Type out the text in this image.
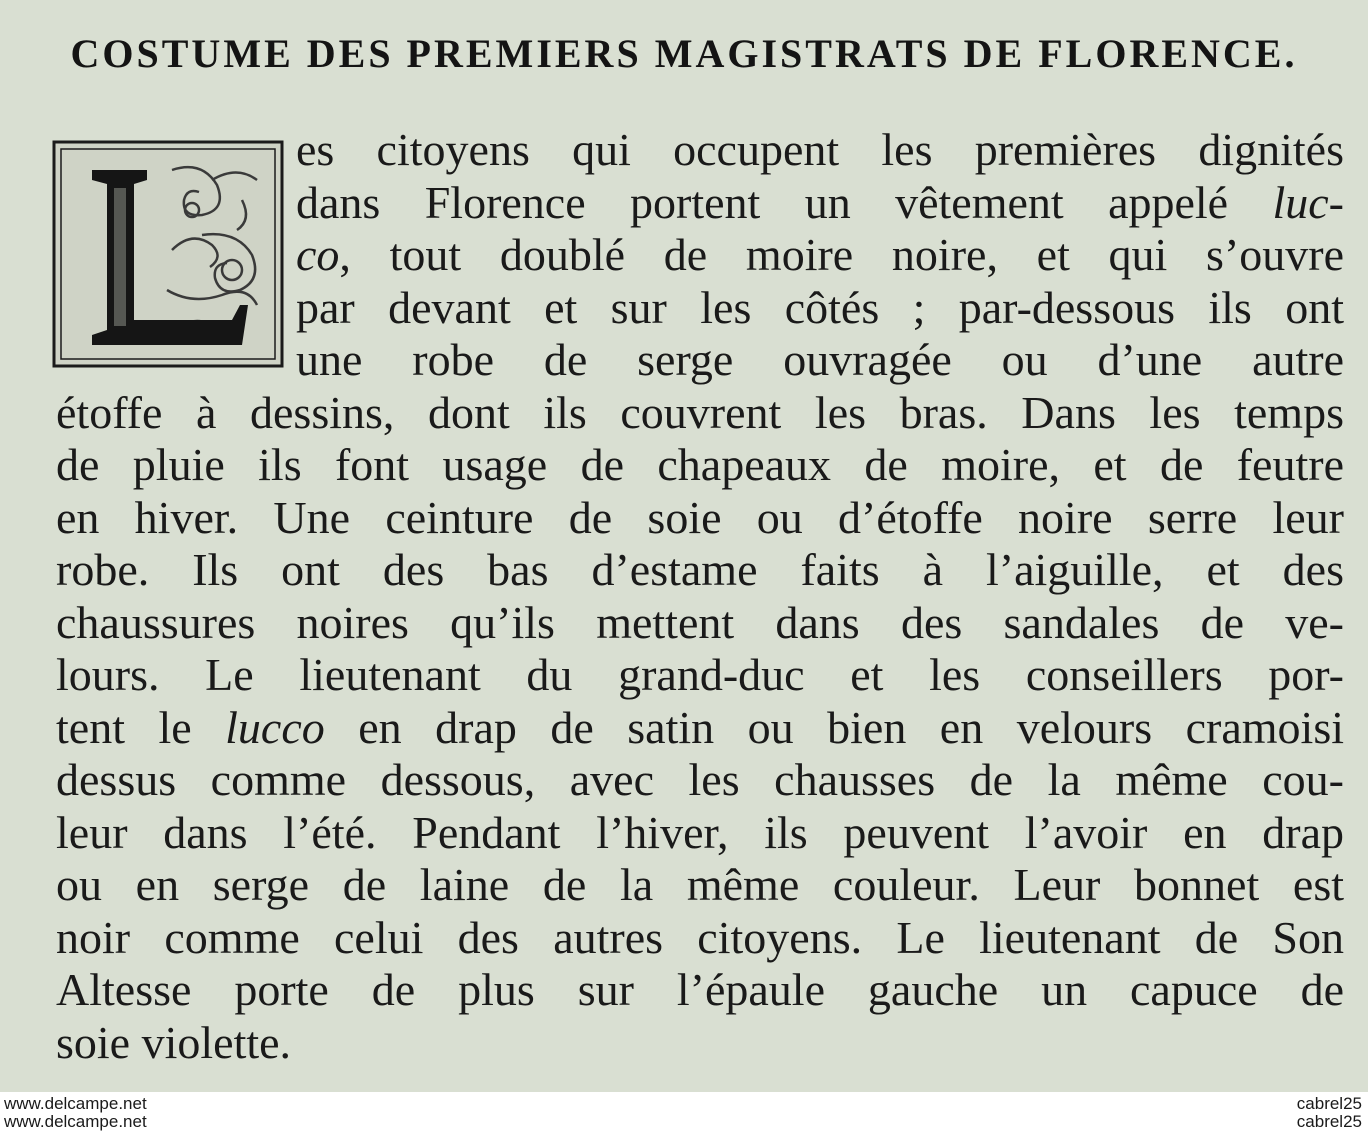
COSTUME DES PREMIERS MAGISTRATS DE FLORENCE.
es citoyens qui occupent les premières dignités
dans Florence portent un vêtement appelé luc-
co, tout doublé de moire noire, et qui s’ouvre
par devant et sur les côtés ; par-dessous ils ont
une robe de serge ouvragée ou d’une autre
étoffe à dessins, dont ils couvrent les bras. Dans les temps
de pluie ils font usage de chapeaux de moire, et de feutre
en hiver. Une ceinture de soie ou d’étoffe noire serre leur
robe. Ils ont des bas d’estame faits à l’aiguille, et des
chaussures noires qu’ils mettent dans des sandales de ve-
lours. Le lieutenant du grand-duc et les conseillers por-
tent le lucco en drap de satin ou bien en velours cramoisi
dessus comme dessous, avec les chausses de la même cou-
leur dans l’été. Pendant l’hiver, ils peuvent l’avoir en drap
ou en serge de laine de la même couleur. Leur bonnet est
noir comme celui des autres citoyens. Le lieutenant de Son
Altesse porte de plus sur l’épaule gauche un capuce de
soie violette.
www.delcampe.net
www.delcampe.net
cabrel25
cabrel25
